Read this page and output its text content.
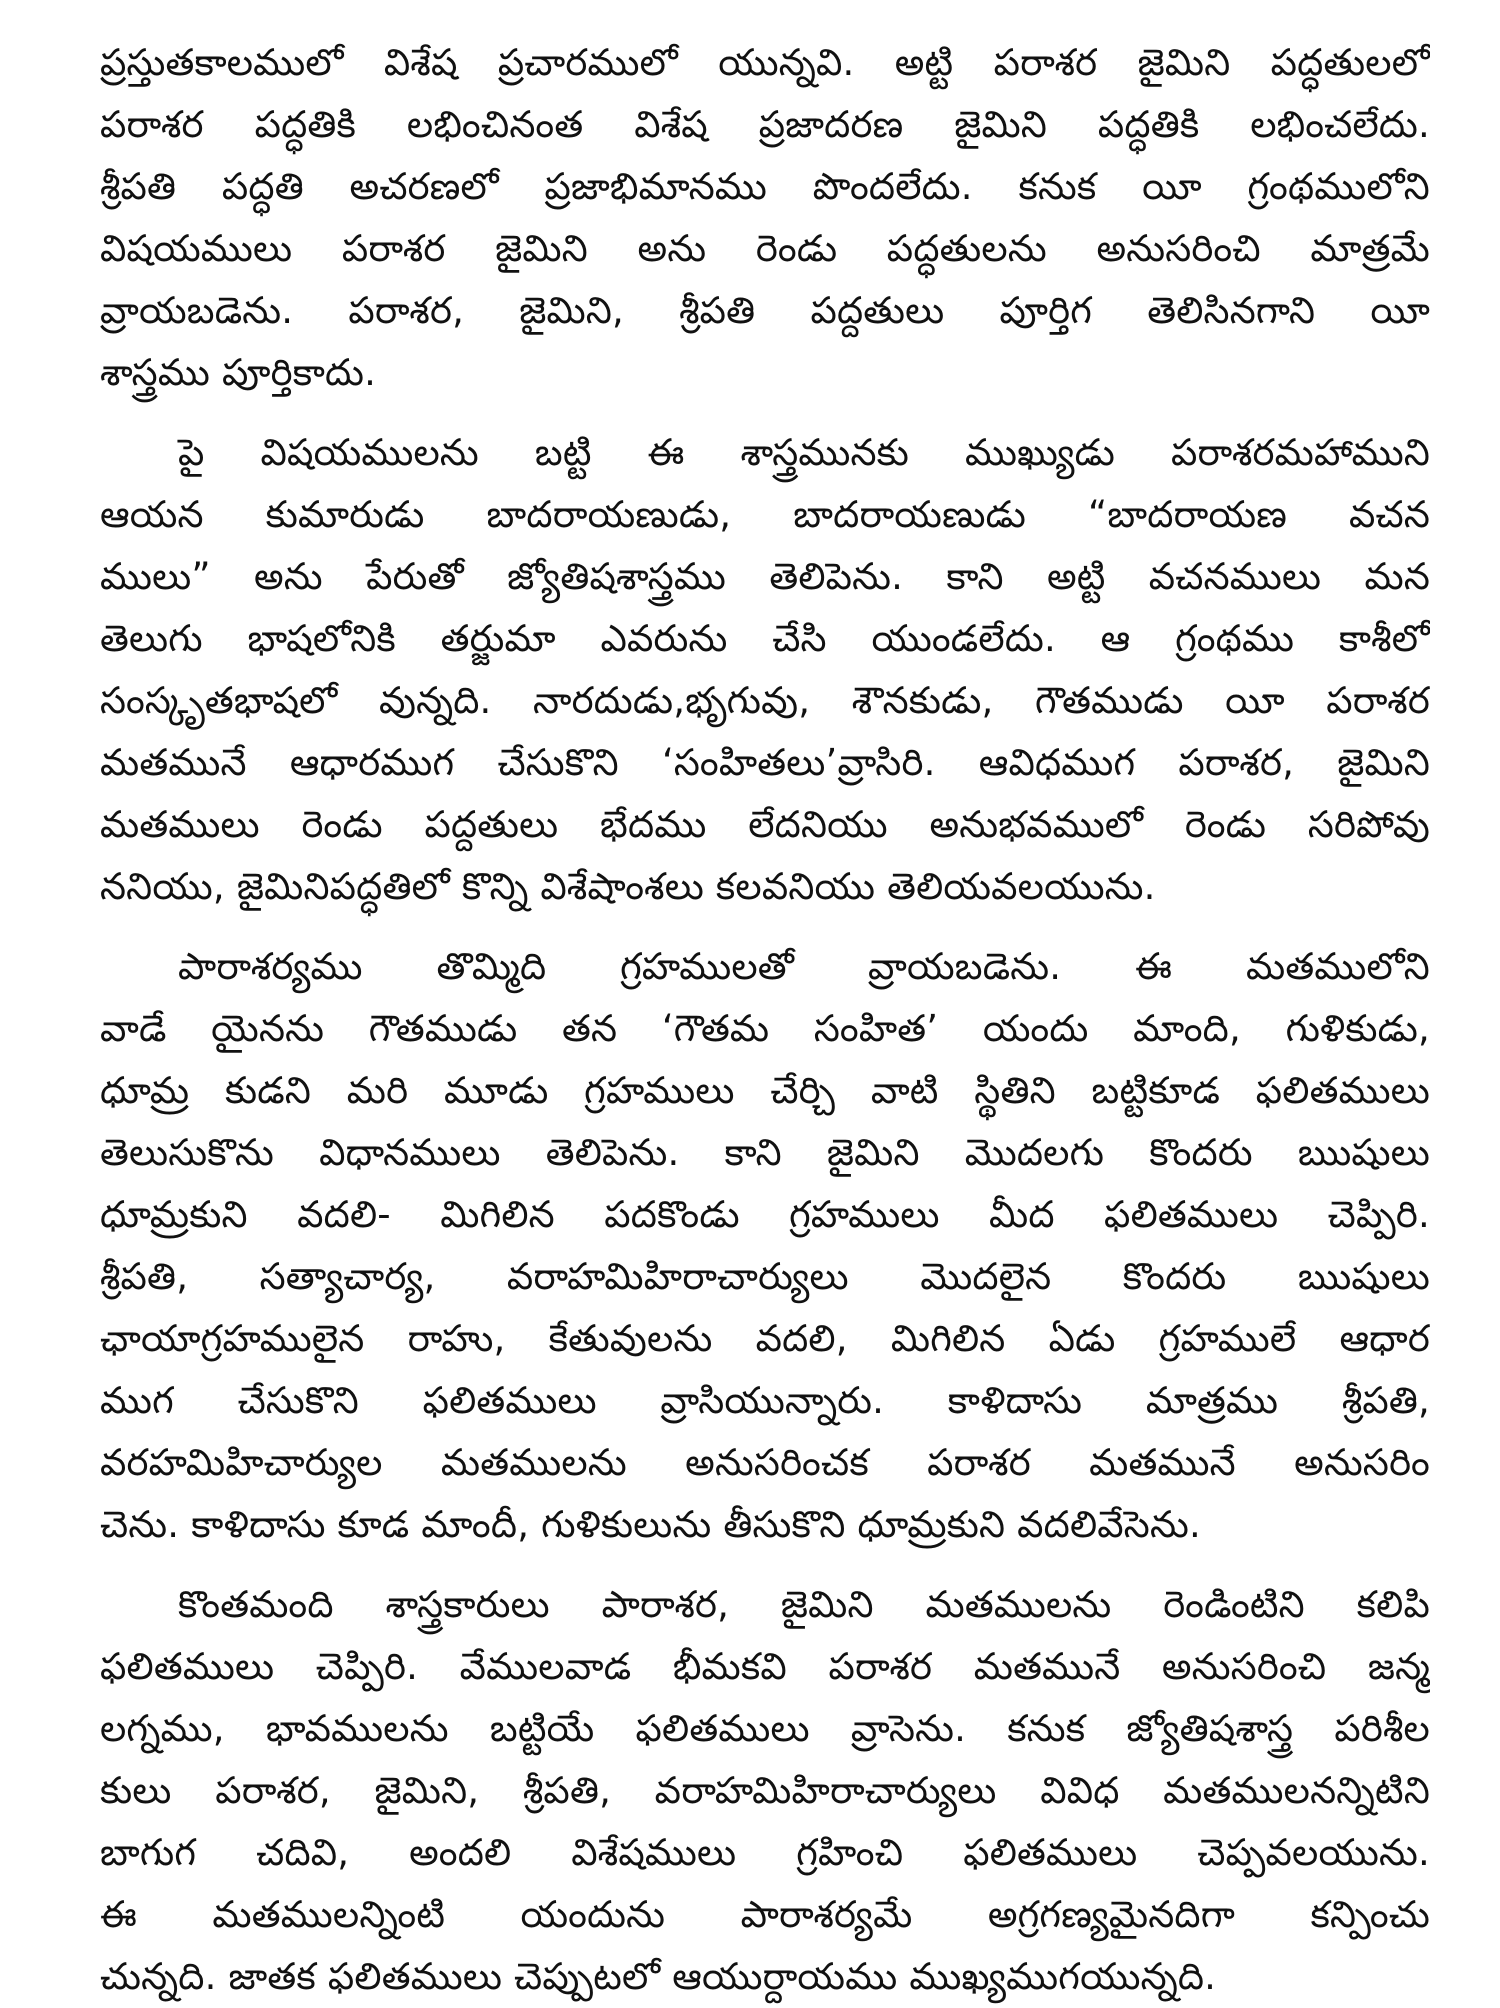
ప్రస్తుతకాలములో విశేష ప్రచారములో యున్నవి. అట్టి పరాశర జైమిని పద్ధతులలో
పరాశర పద్ధతికి లభించినంత విశేష ప్రజాదరణ జైమిని పద్ధతికి లభించలేదు.
శ్రీపతి పద్ధతి అచరణలో ప్రజాభిమానము పొందలేదు. కనుక యీ గ్రంథములోని
విషయములు పరాశర జైమిని అను రెండు పద్ధతులను అనుసరించి మాత్రమే
వ్రాయబడెను. పరాశర, జైమిని, శ్రీపతి పద్దతులు పూర్తిగ తెలిసినగాని యీ
శాస్త్రము పూర్తికాదు.
పై విషయములను బట్టి ఈ శాస్త్రమునకు ముఖ్యుడు పరాశరమహాముని
ఆయన కుమారుడు బాదరాయణుడు, బాదరాయణుడు “బాదరాయణ వచన
ములు” అను పేరుతో జ్యోతిషశాస్త్రము తెలిపెను. కాని అట్టి వచనములు మన
తెలుగు భాషలోనికి తర్జుమా ఎవరును చేసి యుండలేదు. ఆ గ్రంథము కాశీలో
సంస్కృతభాషలో వున్నది. నారదుడు,భృగువు, శౌనకుడు, గౌతముడు యీ పరాశర
మతమునే ఆధారముగ చేసుకొని ‘సంహితలు’వ్రాసిరి. ఆవిధముగ పరాశర, జైమిని
మతములు రెండు పద్దతులు భేదము లేదనియు అనుభవములో రెండు సరిపోవు
ననియు, జైమినిపద్ధతిలో కొన్ని విశేషాంశలు కలవనియు తెలియవలయును.
పారాశర్యము తొమ్మిది గ్రహములతో వ్రాయబడెను. ఈ మతములోని
వాడే యైనను గౌతముడు తన ‘గౌతమ సంహిత’ యందు మాంది, గుళికుడు,
ధూమ్ర కుడని మరి మూడు గ్రహములు చేర్చి వాటి స్థితిని బట్టికూడ ఫలితములు
తెలుసుకొను విధానములు తెలిపెను. కాని జైమిని మొదలగు కొందరు ఋషులు
ధూమ్రకుని వదలి- మిగిలిన పదకొండు గ్రహములు మీద ఫలితములు చెప్పిరి.
శ్రీపతి, సత్యాచార్య, వరాహమిహిరాచార్యులు మొదలైన కొందరు ఋషులు
ఛాయాగ్రహములైన రాహు, కేతువులను వదలి, మిగిలిన ఏడు గ్రహములే ఆధార
ముగ చేసుకొని ఫలితములు వ్రాసియున్నారు. కాళిదాసు మాత్రము శ్రీపతి,
వరహమిహిచార్యుల మతములను అనుసరించక పరాశర మతమునే అనుసరిం
చెను. కాళిదాసు కూడ మాందీ, గుళికులును తీసుకొని ధూమ్రకుని వదలివేసెను.
కొంతమంది శాస్త్రకారులు పారాశర, జైమిని మతములను రెండింటిని కలిపి
ఫలితములు చెప్పిరి. వేములవాడ భీమకవి పరాశర మతమునే అనుసరించి జన్మ
లగ్నము, భావములను బట్టియే ఫలితములు వ్రాసెను. కనుక జ్యోతిషశాస్త్ర పరిశీల
కులు పరాశర, జైమిని, శ్రీపతి, వరాహమిహిరాచార్యులు వివిధ మతములనన్నిటిని
బాగుగ చదివి, అందలి విశేషములు గ్రహించి ఫలితములు చెప్పవలయును.
ఈ మతములన్నింటి యందును పారాశర్యమే అగ్రగణ్యమైనదిగా కన్పించు
చున్నది. జాతక ఫలితములు చెప్పుటలో ఆయుర్దాయము ముఖ్యముగయున్నది.
